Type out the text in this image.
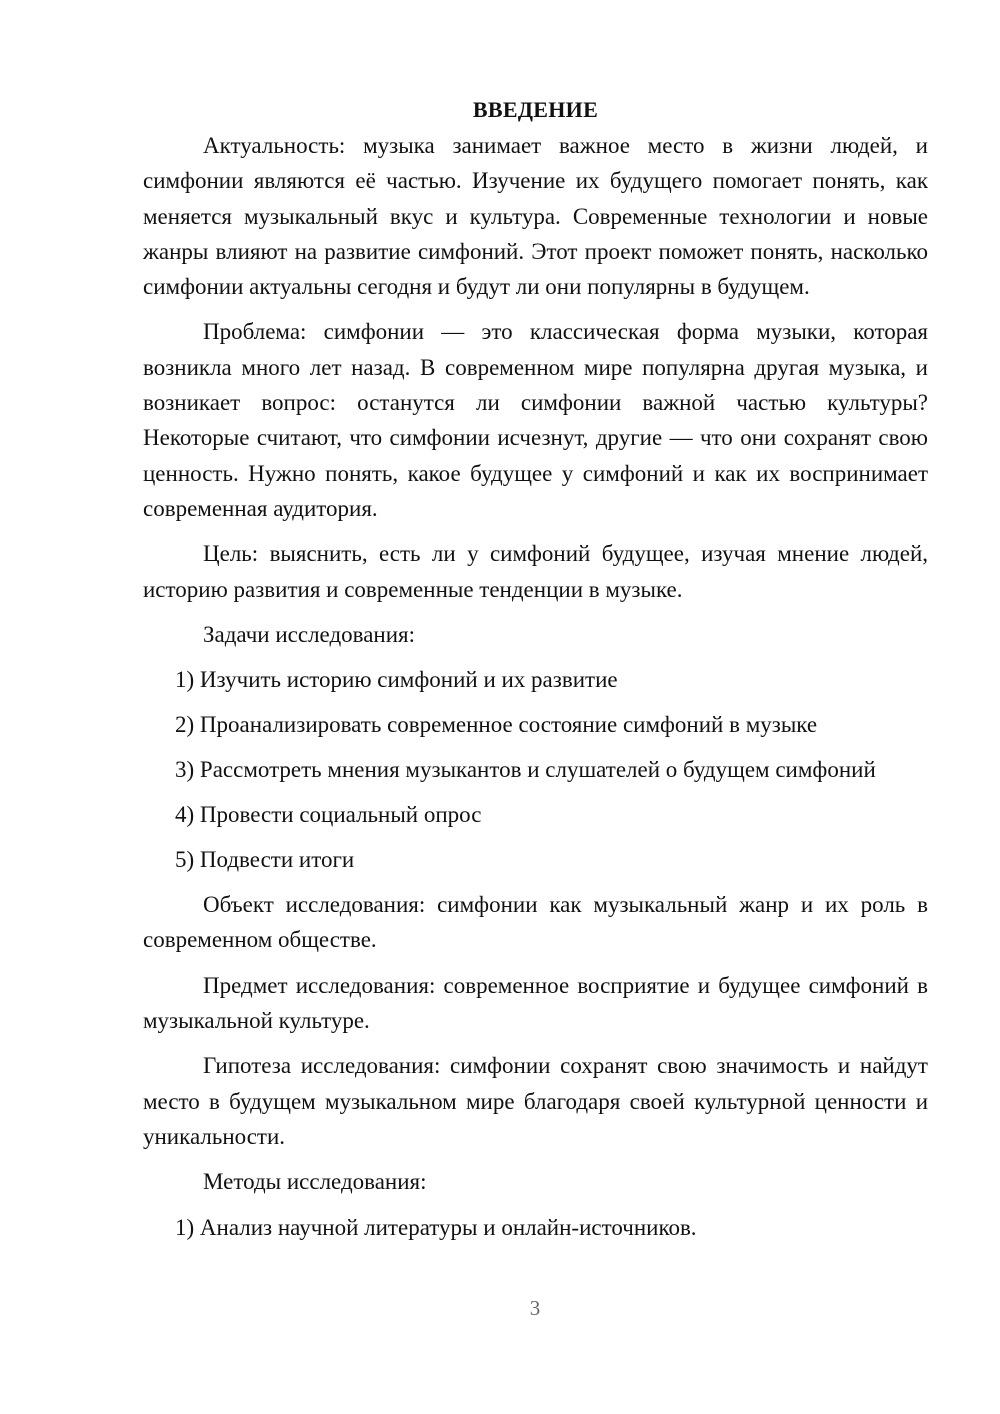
ВВЕДЕНИЕ

Актуальность: музыка занимает важное место в жизни людей, и симфонии являются её частью. Изучение их будущего помогает понять, как меняется музыкальный вкус и культура. Современные технологии и новые жанры влияют на развитие симфоний. Этот проект поможет понять, насколько симфонии актуальны сегодня и будут ли они популярны в будущем.

Проблема: симфонии — это классическая форма музыки, которая возникла много лет назад. В современном мире популярна другая музыка, и возникает вопрос: останутся ли симфонии важной частью культуры? Некоторые считают, что симфонии исчезнут, другие — что они сохранят свою ценность. Нужно понять, какое будущее у симфоний и как их воспринимает современная аудитория.

Цель: выяснить, есть ли у симфоний будущее, изучая мнение людей, историю развития и современные тенденции в музыке.

Задачи исследования:

1) Изучить историю симфоний и их развитие
2) Проанализировать современное состояние симфоний в музыке
3) Рассмотреть мнения музыкантов и слушателей о будущем симфоний
4) Провести социальный опрос
5) Подвести итоги

Объект исследования: симфонии как музыкальный жанр и их роль в современном обществе.

Предмет исследования: современное восприятие и будущее симфоний в музыкальной культуре.

Гипотеза исследования: симфонии сохранят свою значимость и найдут место в будущем музыкальном мире благодаря своей культурной ценности и уникальности.

Методы исследования:

1) Анализ научной литературы и онлайн-источников.
3
